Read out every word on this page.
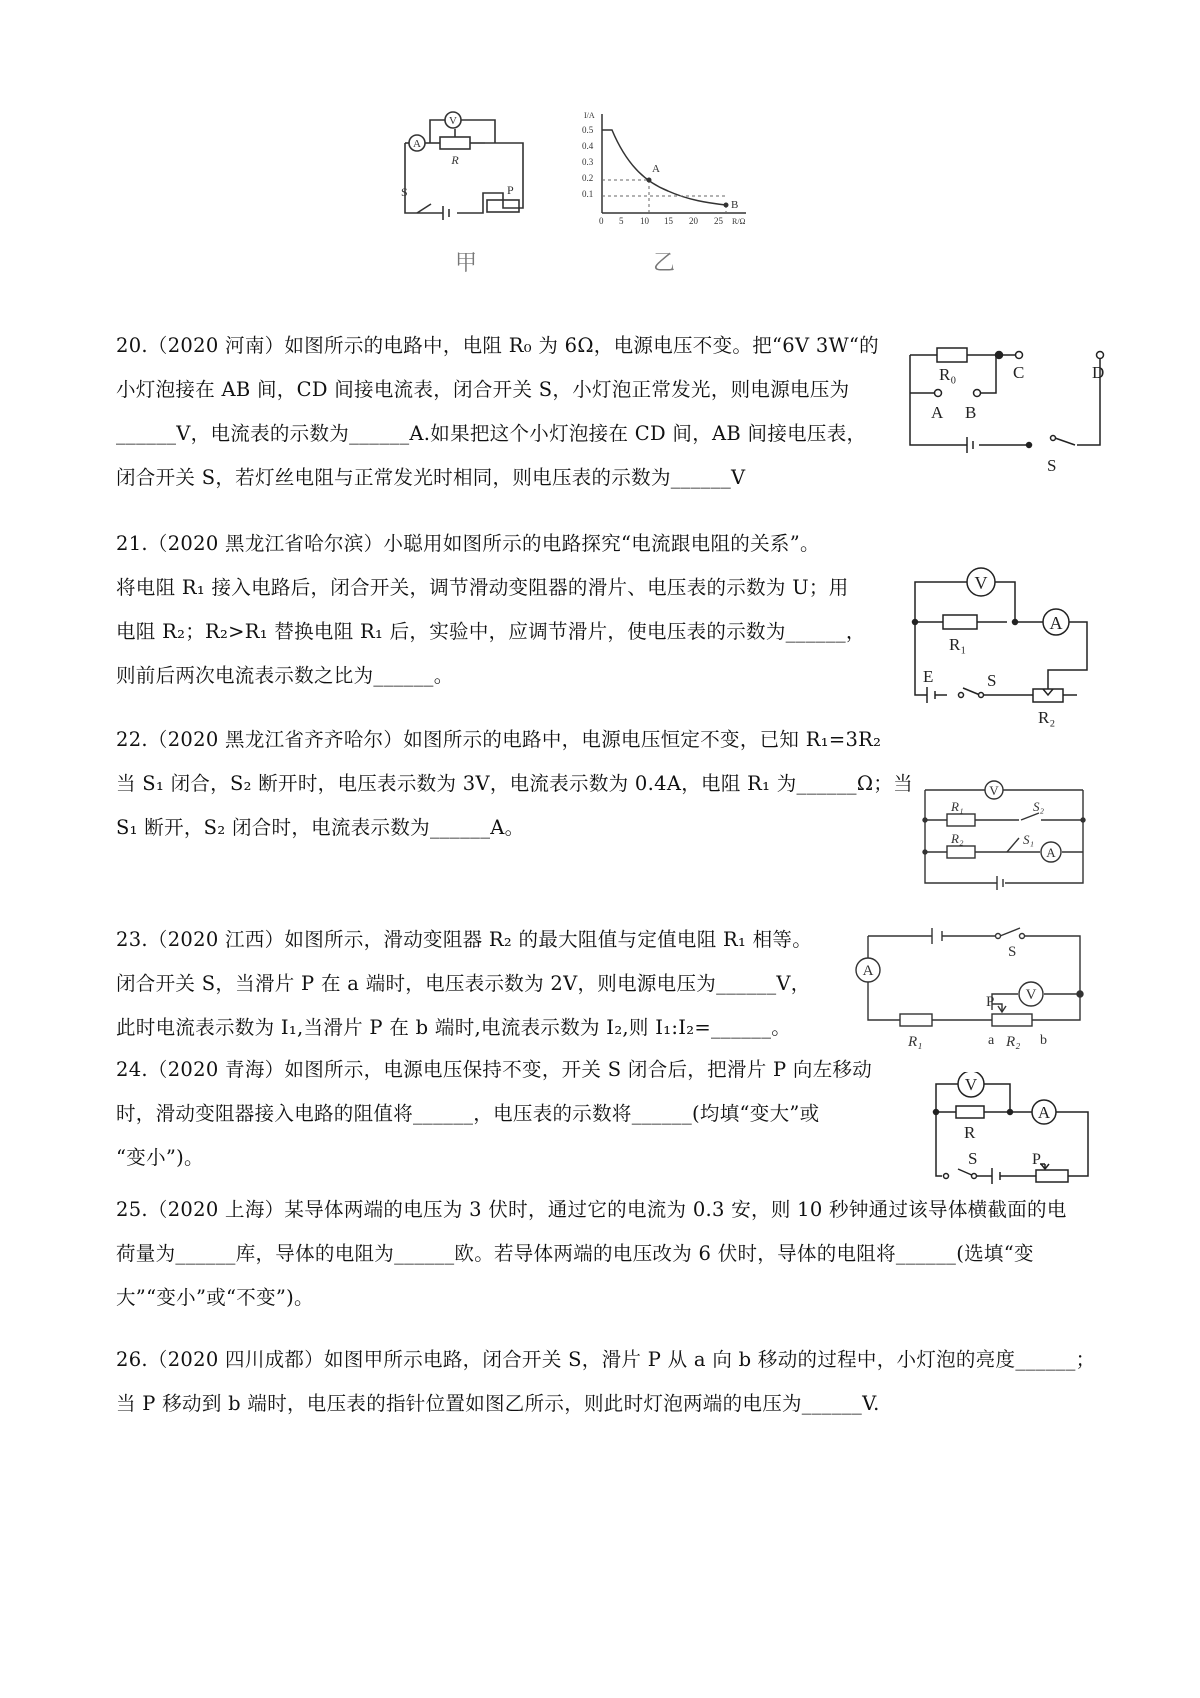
A
V
R
S	P
甲
I/A
0.5
0.4
0.3
0.2
0.1
0 5 10 15 20 25 R/Ω
A
B
乙
20.（2020 河南）如图所示的电路中，电阻 R₀ 为 6Ω，电源电压不变。把“6V 3W“的
小灯泡接在 AB 间，CD 间接电流表，闭合开关 S，小灯泡正常发光，则电源电压为
______V，电流表的示数为______A.如果把这个小灯泡接在 CD 间，AB 间接电压表，
闭合开关 S，若灯丝电阻与正常发光时相同，则电压表的示数为______V
R₀	C	D
A B
S
21.（2020 黑龙江省哈尔滨）小聪用如图所示的电路探究“电流跟电阻的关系”。
将电阻 R₁ 接入电路后，闭合开关，调节滑动变阻器的滑片、电压表的示数为 U；用
电阻 R₂；R₂>R₁ 替换电阻 R₁ 后，实验中，应调节滑片，使电压表的示数为______，
则前后两次电流表示数之比为______。
V
A
R₁
E	S
R₂
22.（2020 黑龙江省齐齐哈尔）如图所示的电路中，电源电压恒定不变，已知 R₁=3R₂
当 S₁ 闭合，S₂ 断开时，电压表示数为 3V，电流表示数为 0.4A，电阻 R₁ 为______Ω；当
S₁ 断开，S₂ 闭合时，电流表示数为______A。
V
A
R₁
R₂
S₂
S₁
23.（2020 江西）如图所示，滑动变阻器 R₂ 的最大阻值与定值电阻 R₁ 相等。
闭合开关 S，当滑片 P 在 a 端时，电压表示数为 2V，则电源电压为______V，
此时电流表示数为 I₁,当滑片 P 在 b 端时,电流表示数为 I₂,则 I₁:I₂=______。
A
V
S
P
R₁	a R₂ b
24.（2020 青海）如图所示，电源电压保持不变，开关 S 闭合后，把滑片 P 向左移动
时，滑动变阻器接入电路的阻值将______，电压表的示数将______(均填“变大”或
“变小”)。
V
A
R
S	P
25.（2020 上海）某导体两端的电压为 3 伏时，通过它的电流为 0.3 安，则 10 秒钟通过该导体横截面的电
荷量为______库，导体的电阻为______欧。若导体两端的电压改为 6 伏时，导体的电阻将______(选填“变
大”“变小”或“不变”)。
26.（2020 四川成都）如图甲所示电路，闭合开关 S，滑片 P 从 a 向 b 移动的过程中，小灯泡的亮度______；
当 P 移动到 b 端时，电压表的指针位置如图乙所示，则此时灯泡两端的电压为______V.
